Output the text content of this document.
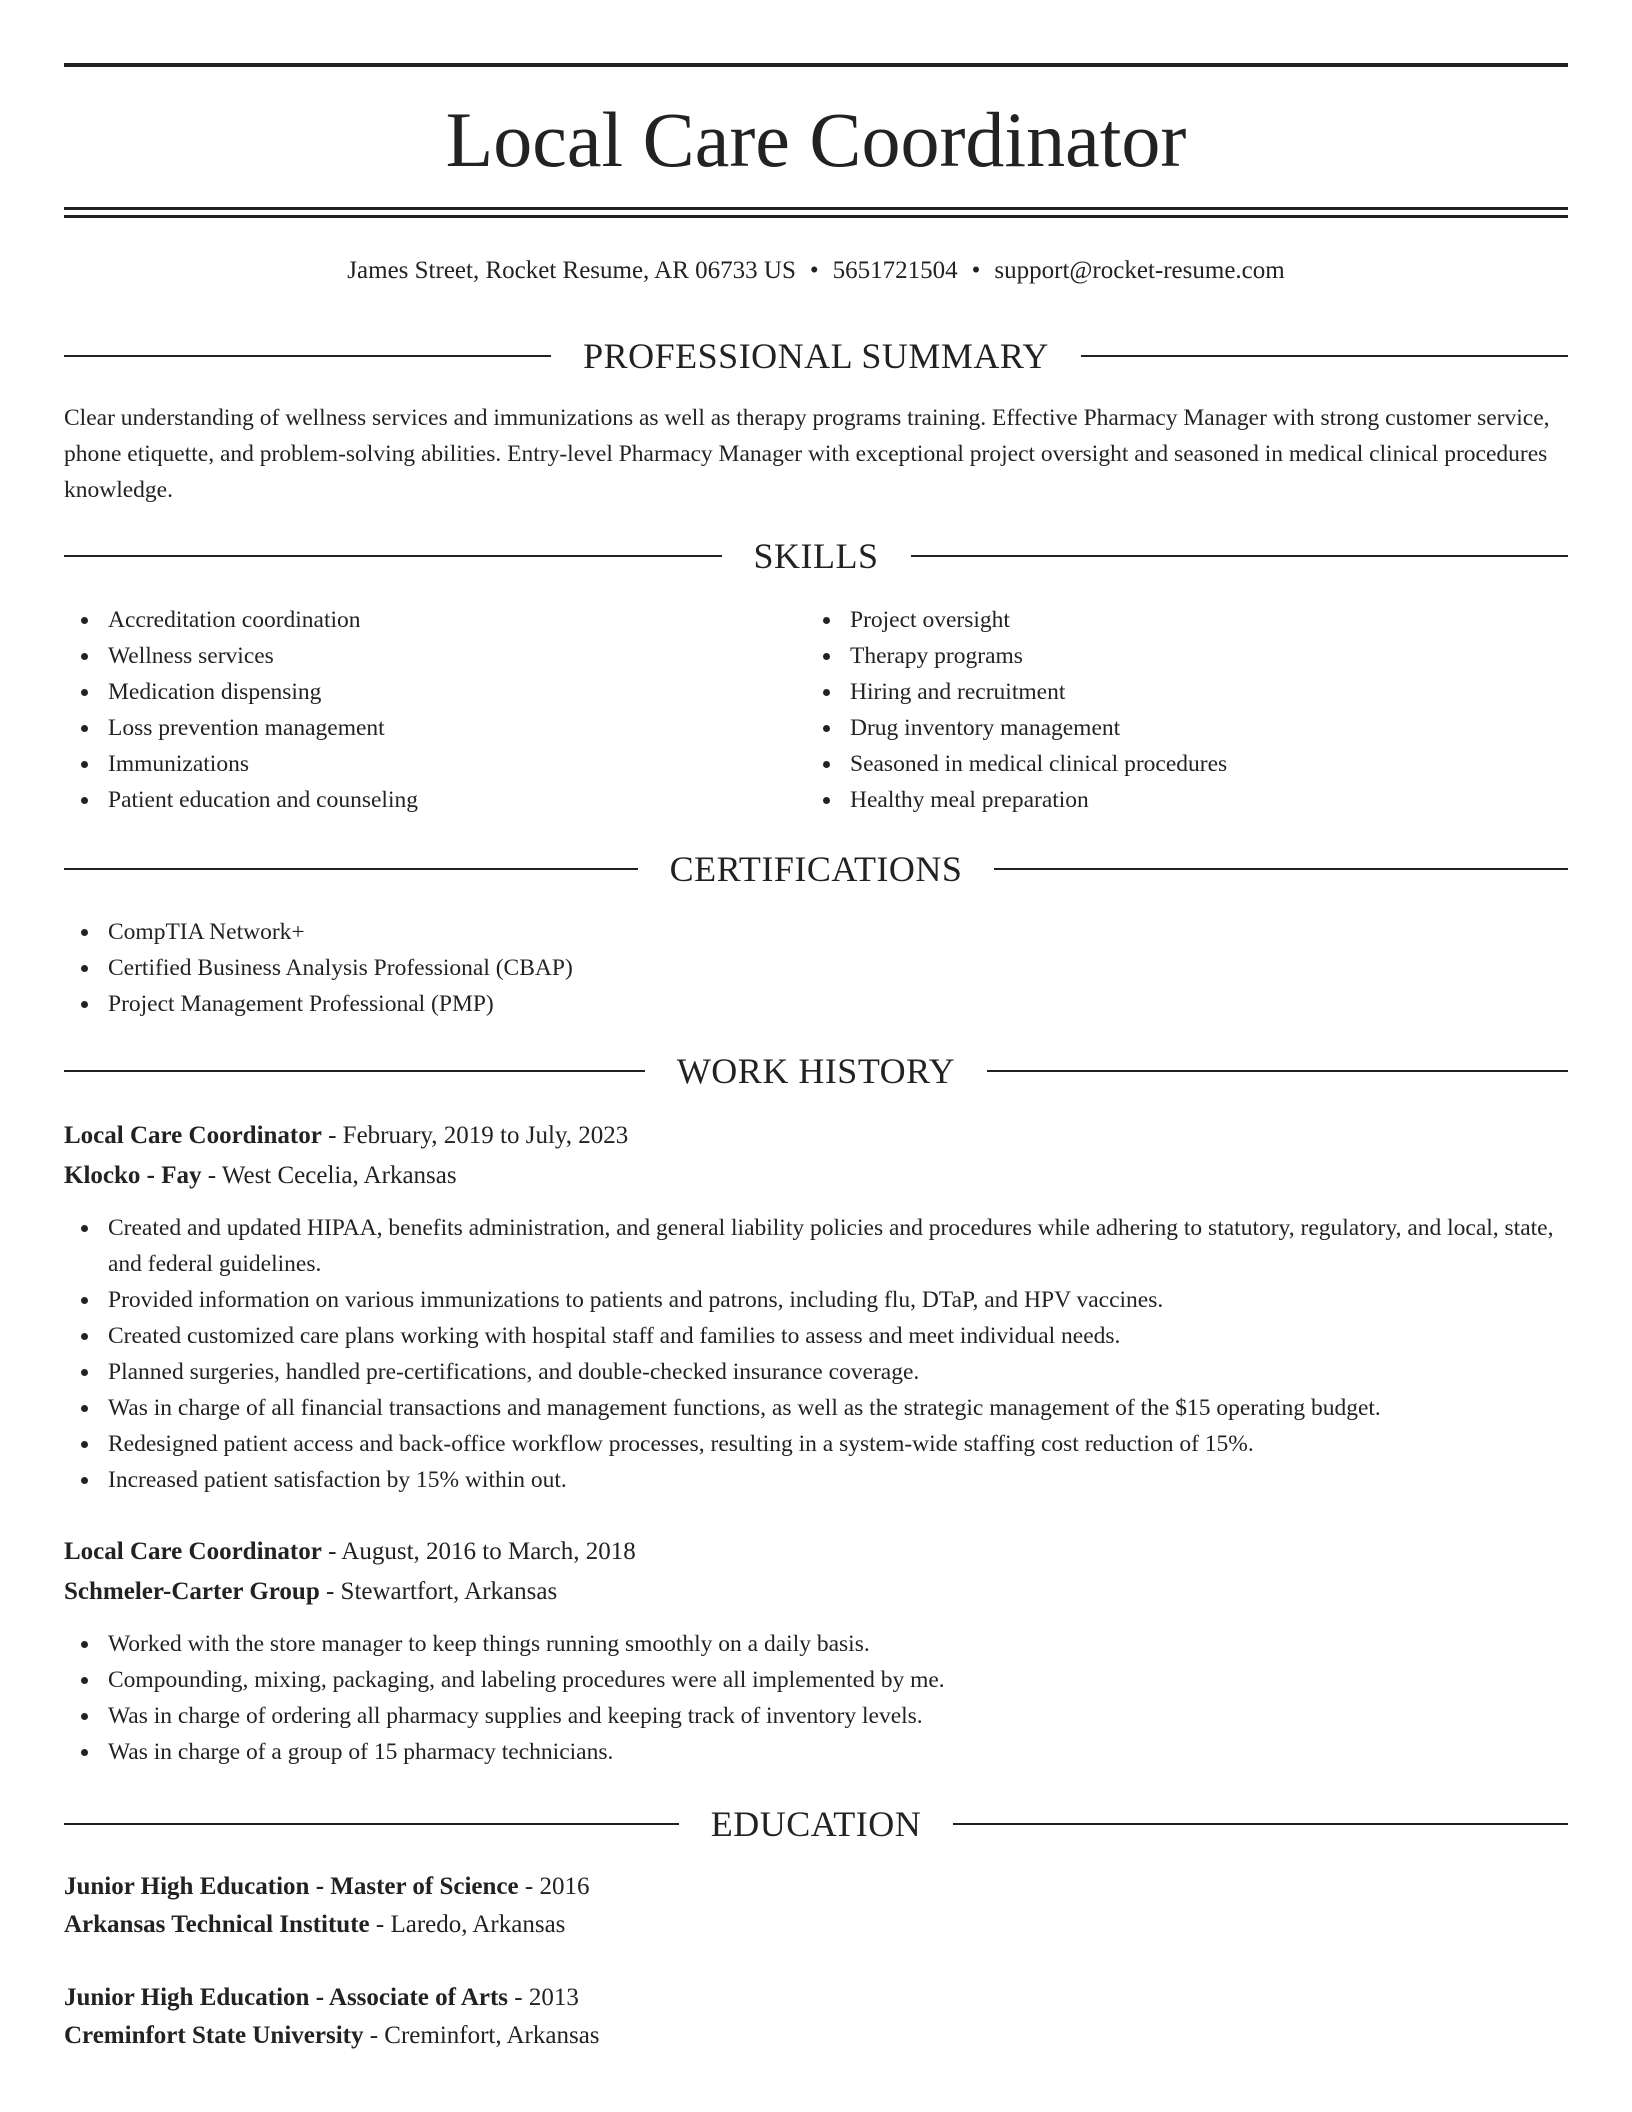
Local Care Coordinator
James Street, Rocket Resume, AR 06733 US • 5651721504 • support@rocket-resume.com
PROFESSIONAL SUMMARY
Clear understanding of wellness services and immunizations as well as therapy programs training. Effective Pharmacy Manager with strong customer service, phone etiquette, and problem-solving abilities. Entry-level Pharmacy Manager with exceptional project oversight and seasoned in medical clinical procedures knowledge.
SKILLS
Accreditation coordination
Wellness services
Medication dispensing
Loss prevention management
Immunizations
Patient education and counseling
Project oversight
Therapy programs
Hiring and recruitment
Drug inventory management
Seasoned in medical clinical procedures
Healthy meal preparation
CERTIFICATIONS
CompTIA Network+
Certified Business Analysis Professional (CBAP)
Project Management Professional (PMP)
WORK HISTORY
Local Care Coordinator - February, 2019 to July, 2023
Klocko - Fay - West Cecelia, Arkansas
Created and updated HIPAA, benefits administration, and general liability policies and procedures while adhering to statutory, regulatory, and local, state, and federal guidelines.
Provided information on various immunizations to patients and patrons, including flu, DTaP, and HPV vaccines.
Created customized care plans working with hospital staff and families to assess and meet individual needs.
Planned surgeries, handled pre-certifications, and double-checked insurance coverage.
Was in charge of all financial transactions and management functions, as well as the strategic management of the $15 operating budget.
Redesigned patient access and back-office workflow processes, resulting in a system-wide staffing cost reduction of 15%.
Increased patient satisfaction by 15% within out.
Local Care Coordinator - August, 2016 to March, 2018
Schmeler-Carter Group - Stewartfort, Arkansas
Worked with the store manager to keep things running smoothly on a daily basis.
Compounding, mixing, packaging, and labeling procedures were all implemented by me.
Was in charge of ordering all pharmacy supplies and keeping track of inventory levels.
Was in charge of a group of 15 pharmacy technicians.
EDUCATION
Junior High Education - Master of Science - 2016
Arkansas Technical Institute - Laredo, Arkansas
Junior High Education - Associate of Arts - 2013
Creminfort State University - Creminfort, Arkansas
